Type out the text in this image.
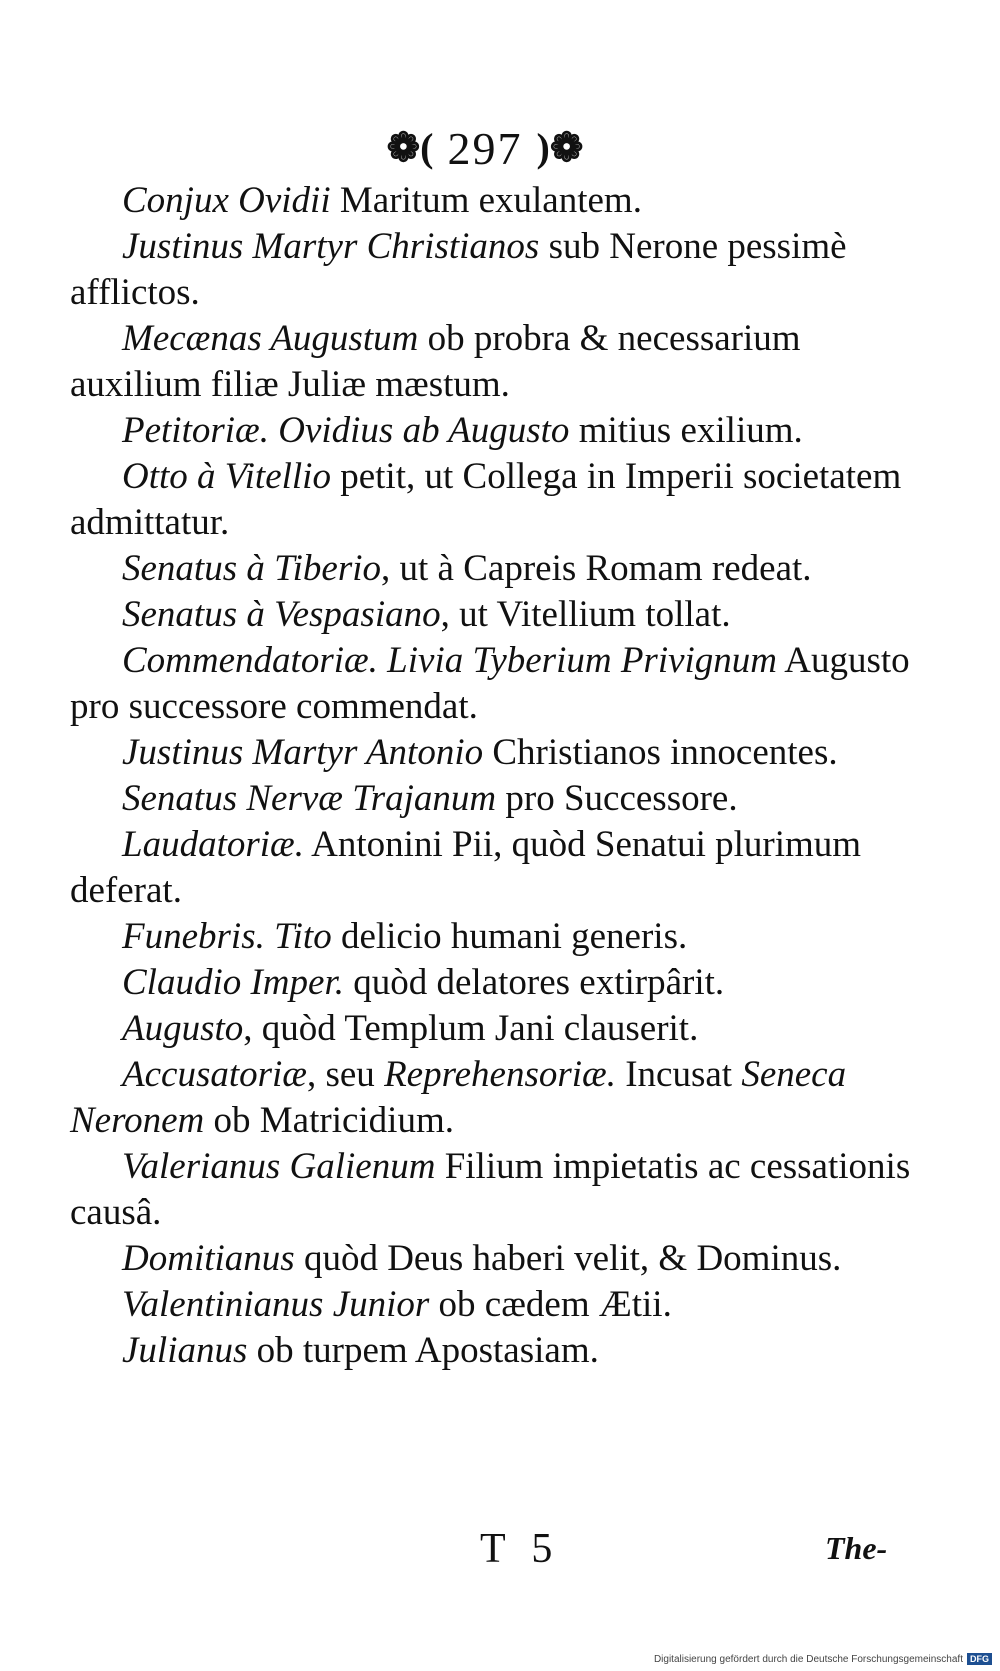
❁( 297 )❁

Conjux Ovidii Maritum exulantem.

Justinus Martyr Christianos sub Nerone pessimè afflictos.

Mecænas Augustum ob probra & necessarium auxilium filiæ Juliæ mæstum.

Petitoriæ. Ovidius ab Augusto mitius exilium.

Otto à Vitellio petit, ut Collega in Imperii societatem admittatur.

Senatus à Tiberio, ut à Capreis Romam redeat.

Senatus à Vespasiano, ut Vitellium tollat.

Commendatoriæ. Livia Tyberium Privignum Augusto pro successore commendat.

Justinus Martyr Antonio Christianos innocentes.

Senatus Nervæ Trajanum pro Successore.

Laudatoriæ. Antonini Pii, quòd Senatui plurimum deferat.

Funebris. Tito delicio humani generis.

Claudio Imper. quòd delatores extirpârit.

Augusto, quòd Templum Jani clauserit.

Accusatoriæ, seu Reprehensoriæ. Incusat Seneca Neronem ob Matricidium.

Valerianus Galienum Filium impietatis ac cessationis causâ.

Domitianus quòd Deus haberi velit, & Dominus.

Valentinianus Junior ob cædem Ætii.

Julianus ob turpem Apostasiam.

T 5	The-
Digitalisierung gefördert durch die Deutsche Forschungsgemeinschaft DFG
